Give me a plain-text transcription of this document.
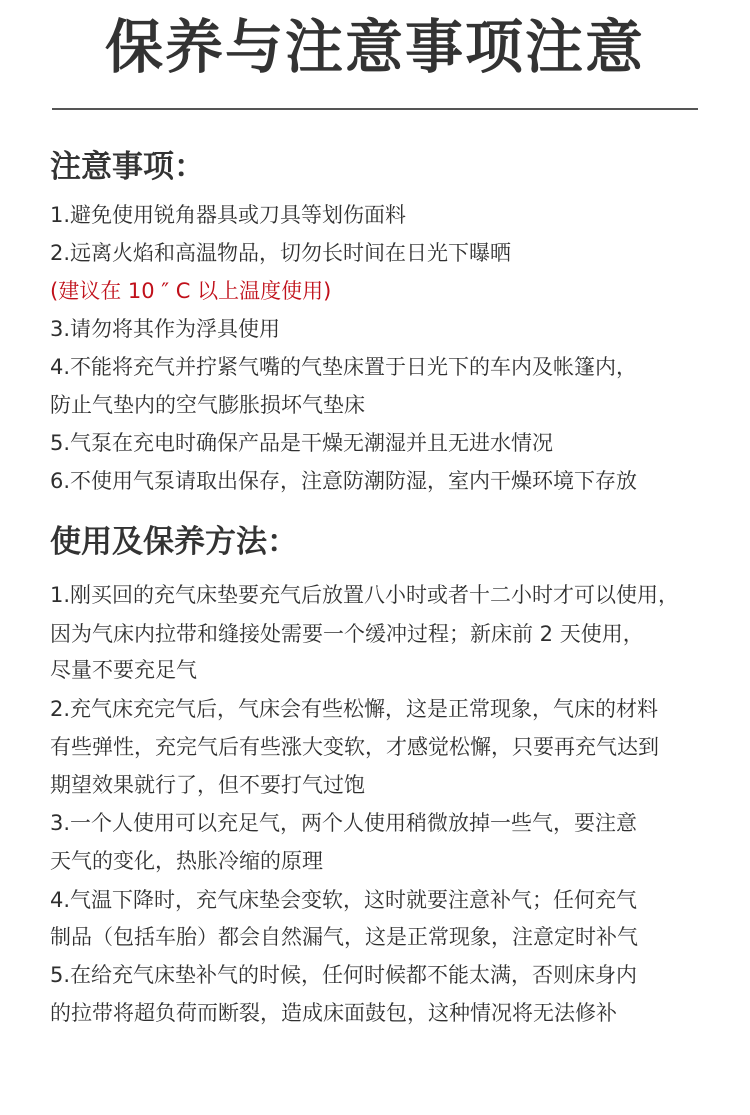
保养与注意事项注意
注意事项：
1.避免使用锐角器具或刀具等划伤面料
2.远离火焰和高温物品，切勿长时间在日光下曝晒
(建议在 10 ″ C 以上温度使用)
3.请勿将其作为浮具使用
4.不能将充气并拧紧气嘴的气垫床置于日光下的车内及帐篷内，
防止气垫内的空气膨胀损坏气垫床
5.气泵在充电时确保产品是干燥无潮湿并且无进水情况
6.不使用气泵请取出保存，注意防潮防湿，室内干燥环境下存放
使用及保养方法：
1.刚买回的充气床垫要充气后放置八小时或者十二小时才可以使用，
因为气床内拉带和缝接处需要一个缓冲过程；新床前 2 天使用，
尽量不要充足气
2.充气床充完气后，气床会有些松懈，这是正常现象，气床的材料
有些弹性，充完气后有些涨大变软，才感觉松懈，只要再充气达到
期望效果就行了，但不要打气过饱
3.一个人使用可以充足气，两个人使用稍微放掉一些气，要注意
天气的变化，热胀冷缩的原理
4.气温下降时，充气床垫会变软，这时就要注意补气；任何充气
制品（包括车胎）都会自然漏气，这是正常现象，注意定时补气
5.在给充气床垫补气的时候，任何时候都不能太满，否则床身内
的拉带将超负荷而断裂，造成床面鼓包，这种情况将无法修补
